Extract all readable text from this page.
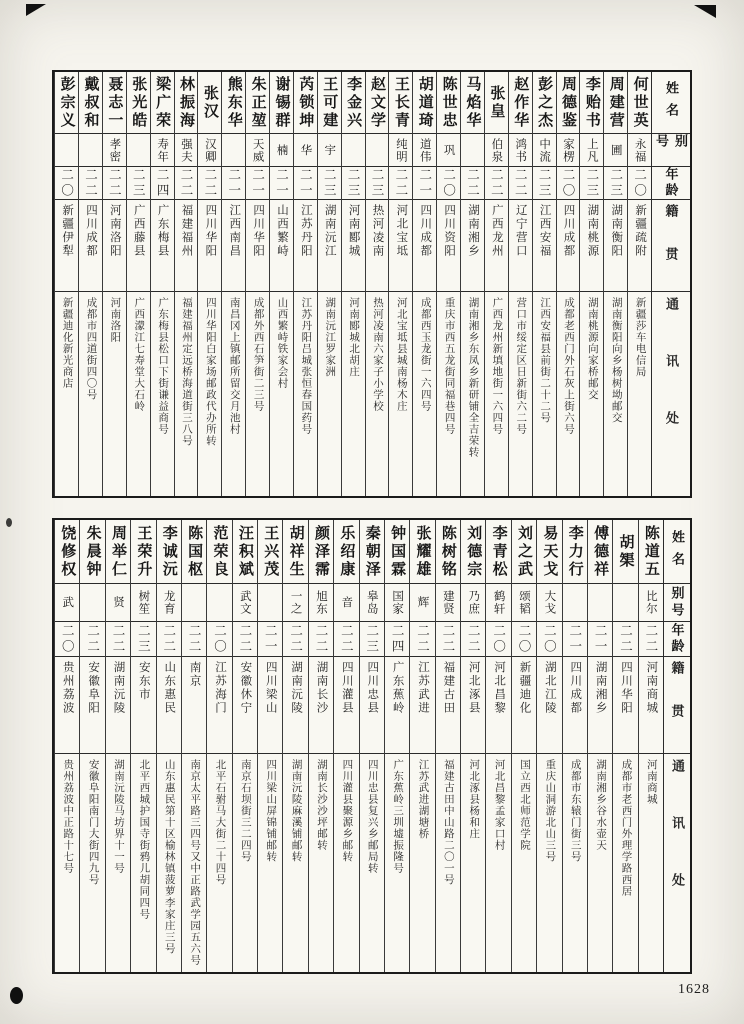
姓名
别号
年龄
籍贯
通讯处
何世英
永福
二〇
新疆疏附
新疆莎车电信局
周建营
圃
二三
湖南衡阳
湖南衡阳向乡杨树坳邮交
李贻书
上凡
二三
湖南桃源
湖南桃源向家桥邮交
周德鉴
家楞
二〇
四川成都
成都老西门外石灰上街六号
彭之杰
中流
二三
江西安福
江西安福县前街二十二号
赵作华
鸿书
二二
辽宁营口
营口市绥定区日新街六二号
张皇
伯泉
二二
广西龙州
广西龙州新填地街一六四号
马焰华
二二
湖南湘乡
湖南湘乡东凤乡新研铺全吉荣转
陈世忠
巩
二〇
四川资阳
重庆市西五龙街同福巷四号
胡道琦
道伟
二一
四川成都
成都西玉龙街一六四号
王长青
纯明
二二
河北宝坻
河北宝坻县城南杨木庄
赵文学
二三
热河凌南
热河凌南六家子小学校
李金兴
二三
河南郾城
河南郾城北胡庄
王可建
宇
二三
湖南沅江
湖南沅江罗家洲
芮锁坤
华
二一
江苏丹阳
江苏丹阳吕城张恒春国药号
谢锡群
楠
二一
山西繁峙
山西繁峙铁家会村
朱正堃
天威
二一
四川华阳
成都外西石笋街二三号
熊东华
二一
江西南昌
南昌冈上镇邮所留交月池村
张汉
汉卿
二二
四川华阳
四川华阳白家场邮政代办所转
林振海
强夫
二二
福建福州
福建福州定远桥海道街三八号
梁广荣
寿年
二四
广东梅县
广东梅县松口下街谦益商号
张光皓
二三
广西藤县
广西濛江七寿堂大石岭
聂志一
孝密
二二
河南洛阳
河南洛阳
戴叔和
二二
四川成都
成都市四道街四〇号
彭宗义
二〇
新疆伊犁
新疆迪化新光商店
姓名
别号
年龄
籍贯
通讯处
陈道五
比尔
二二
河南商城
河南商城
胡榘
二二
四川华阳
成都市老西门外理学路西居
傅德祥
二一
湖南湘乡
湖南湘乡谷水壶天
李力行
二一
四川成都
成都市东辕门街三号
易天戈
大戈
二〇
湖北江陵
重庆山洞游北山三号
刘之武
颂韬
二〇
新疆迪化
国立西北师范学院
李青松
鹤轩
二〇
河北昌黎
河北昌黎孟家口村
刘德宗
乃庶
二二
河北涿县
河北涿县杨和庄
陈树铭
建贤
二二
福建古田
福建古田中山路二〇一号
张耀雄
辉
二二
江苏武进
江苏武进湖塘桥
钟国霖
国家
二四
广东蕉岭
广东蕉岭三圳墟振隆号
秦朝泽
皋岛
二三
四川忠县
四川忠县复兴乡邮局转
乐绍康
音
二二
四川灌县
四川灌县聚源乡邮转
颜泽霈
旭东
二二
湖南长沙
湖南长沙沙坪邮转
胡祥生
一之
二二
湖南沅陵
湖南沅陵麻溪铺邮转
王兴茂
二一
四川梁山
四川梁山屏锦铺邮转
汪积斌
武文
二二
安徽休宁
南京石坝街三二四号
范荣良
二〇
江苏海门
北平石驸马大街二十四号
陈国枢
二二
南京
南京太平路三四号又中正路武学园五六号
李诚沅
龙育
二二
山东惠民
山东惠民第十区榆林镇菠萝李家庄三号
王荣升
树笙
二三
安东市
北平西城护国寺街鸦儿胡同四号
周举仁
贤
二二
湖南沅陵
湖南沅陵马坊界十一号
朱晨钟
二二
安徽阜阳
安徽阜阳南门大街四九号
饶修权
武
二〇
贵州荔波
贵州荔波中正路十七号
1628
